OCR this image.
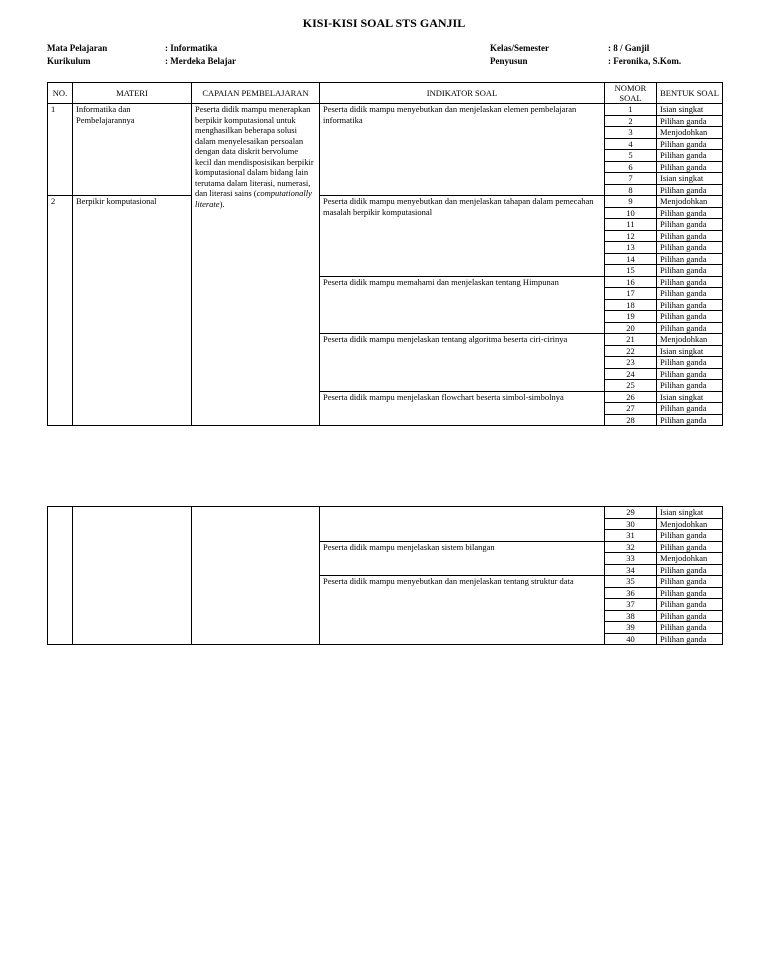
KISI-KISI SOAL STS GANJIL
Mata Pelajaran	: Informatika
Kurikulum	: Merdeka Belajar
Kelas/Semester	: 8 / Ganjil
Penyusun	: Feronika, S.Kom.
NO.	MATERI	CAPAIAN PEMBELAJARAN	INDIKATOR SOAL	NOMOR SOAL	BENTUK SOAL
1	Informatika dan Pembelajarannya	Peserta didik mampu menerapkan berpikir komputasional untuk menghasilkan beberapa solusi dalam menyelesaikan persoalan dengan data diskrit bervolume kecil dan mendisposisikan berpikir komputasional dalam bidang lain terutama dalam literasi, numerasi, dan literasi sains (computationally literate).	Peserta didik mampu menyebutkan dan menjelaskan elemen pembelajaran informatika	1	Isian singkat
				2	Pilihan ganda
				3	Menjodohkan
				4	Pilihan ganda
				5	Pilihan ganda
				6	Pilihan ganda
				7	Isian singkat
				8	Pilihan ganda
2	Berpikir komputasional		Peserta didik mampu menyebutkan dan menjelaskan tahapan dalam pemecahan masalah berpikir komputasional	9	Menjodohkan
				10	Pilihan ganda
				11	Pilihan ganda
				12	Pilihan ganda
				13	Pilihan ganda
				14	Pilihan ganda
				15	Pilihan ganda
			Peserta didik mampu memahami dan menjelaskan tentang Himpunan	16	Pilihan ganda
				17	Pilihan ganda
				18	Pilihan ganda
				19	Pilihan ganda
				20	Pilihan ganda
			Peserta didik mampu menjelaskan tentang algoritma beserta ciri-cirinya	21	Menjodohkan
				22	Isian singkat
				23	Pilihan ganda
				24	Pilihan ganda
				25	Pilihan ganda
			Peserta didik mampu menjelaskan flowchart beserta simbol-simbolnya	26	Isian singkat
				27	Pilihan ganda
				28	Pilihan ganda
				29	Isian singkat
				30	Menjodohkan
				31	Pilihan ganda
			Peserta didik mampu menjelaskan sistem bilangan	32	Pilihan ganda
				33	Menjodohkan
				34	Pilihan ganda
			Peserta didik mampu menyebutkan dan menjelaskan tentang struktur data	35	Pilihan ganda
				36	Pilihan ganda
				37	Pilihan ganda
				38	Pilihan ganda
				39	Pilihan ganda
				40	Pilihan ganda
